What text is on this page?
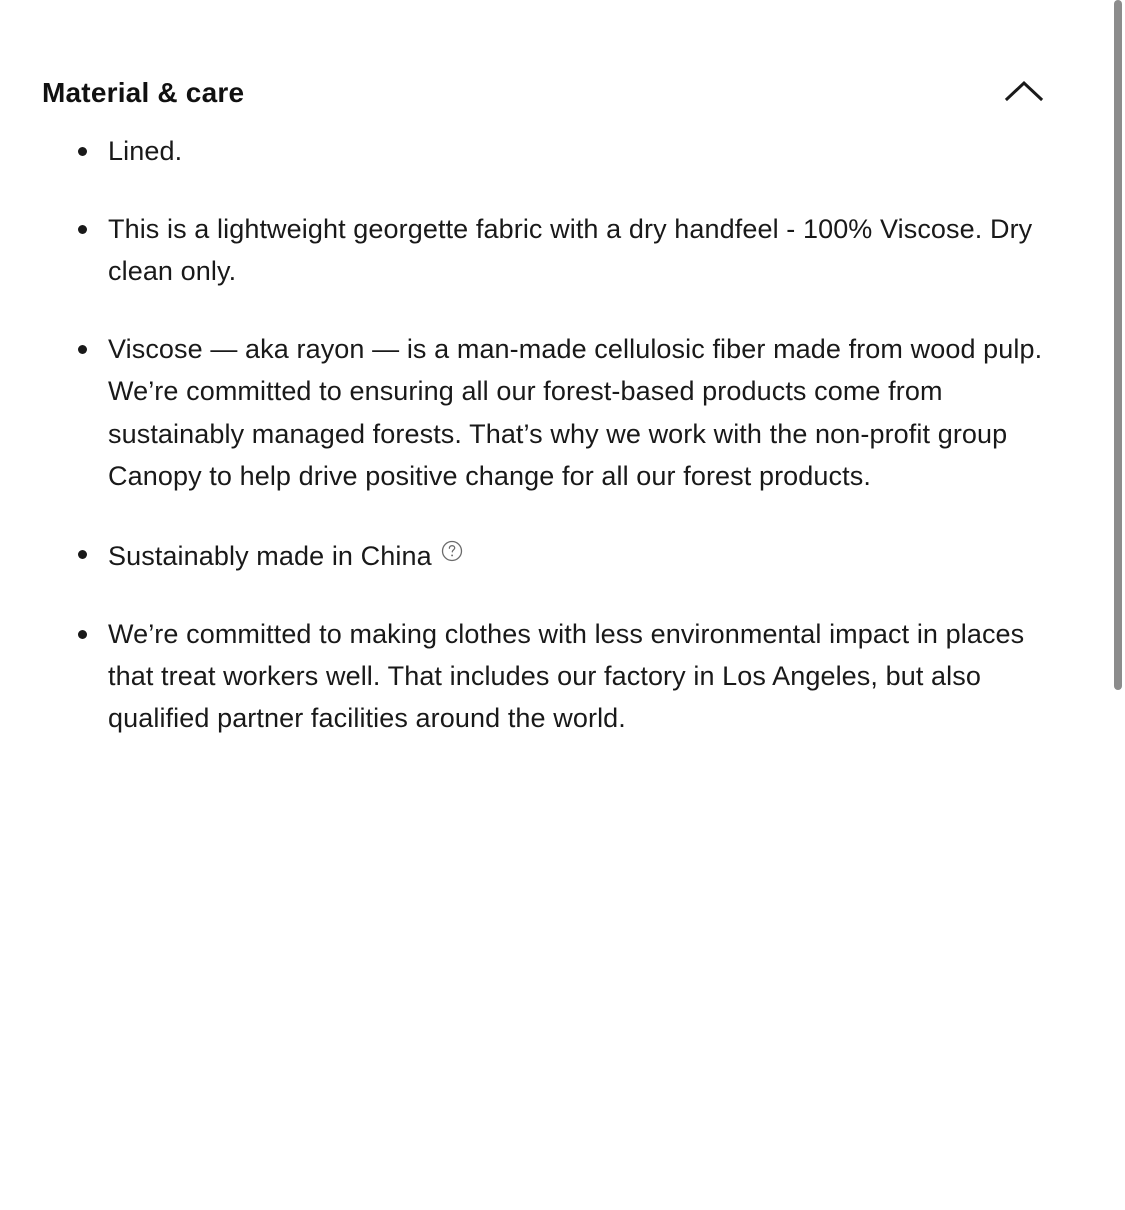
Material & care
Lined.
This is a lightweight georgette fabric with a dry handfeel - 100% Viscose. Dry clean only.
Viscose — aka rayon — is a man-made cellulosic fiber made from wood pulp. We’re committed to ensuring all our forest-based products come from sustainably managed forests. That’s why we work with the non-profit group Canopy to help drive positive change for all our forest products.
Sustainably made in China
We’re committed to making clothes with less environmental impact in places that treat workers well. That includes our factory in Los Angeles, but also qualified partner facilities around the world.
